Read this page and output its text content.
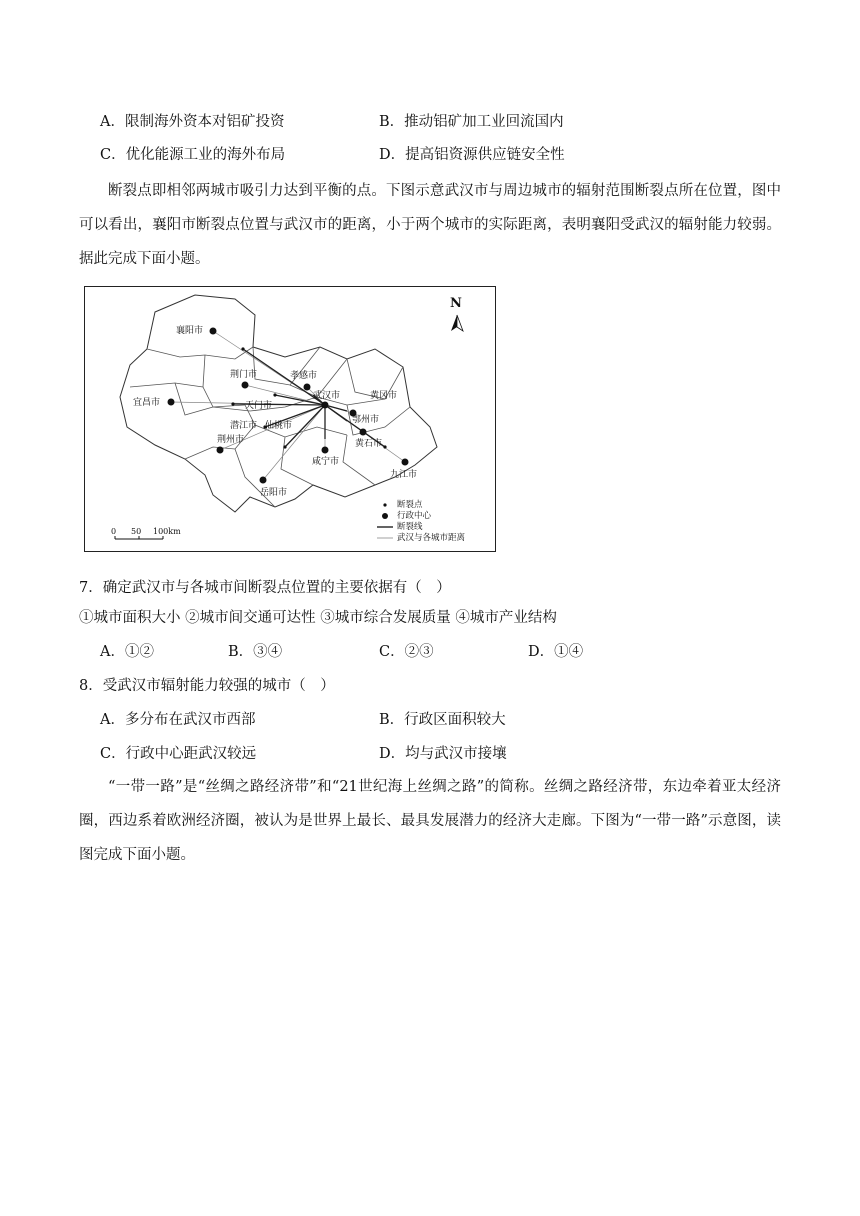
A．限制海外资本对铝矿投资	B．推动铝矿加工业回流国内
C．优化能源工业的海外布局	D．提高铝资源供应链安全性
断裂点即相邻两城市吸引力达到平衡的点。下图示意武汉市与周边城市的辐射范围断裂点所在位置，图中可以看出，襄阳市断裂点位置与武汉市的距离，小于两个城市的实际距离，表明襄阳受武汉的辐射能力较弱。据此完成下面小题。
N
襄阳市
荆门市	孝感市
武汉市	黄冈市
宜昌市	天门市
潜江市 仙桃市
鄂州市
荆州市	黄石市
咸宁市
九江市
岳阳市
0 50 100km
断裂点
行政中心
断裂线
武汉与各城市距离
7．确定武汉市与各城市间断裂点位置的主要依据有（　）
①城市面积大小 ②城市间交通可达性 ③城市综合发展质量 ④城市产业结构
A．①②	B．③④	C．②③	D．①④
8．受武汉市辐射能力较强的城市（　）
A．多分布在武汉市西部	B．行政区面积较大
C．行政中心距武汉较远	D．均与武汉市接壤
“一带一路”是“丝绸之路经济带”和“21世纪海上丝绸之路”的简称。丝绸之路经济带，东边牵着亚太经济圈，西边系着欧洲经济圈，被认为是世界上最长、最具发展潜力的经济大走廊。下图为“一带一路”示意图，读图完成下面小题。
